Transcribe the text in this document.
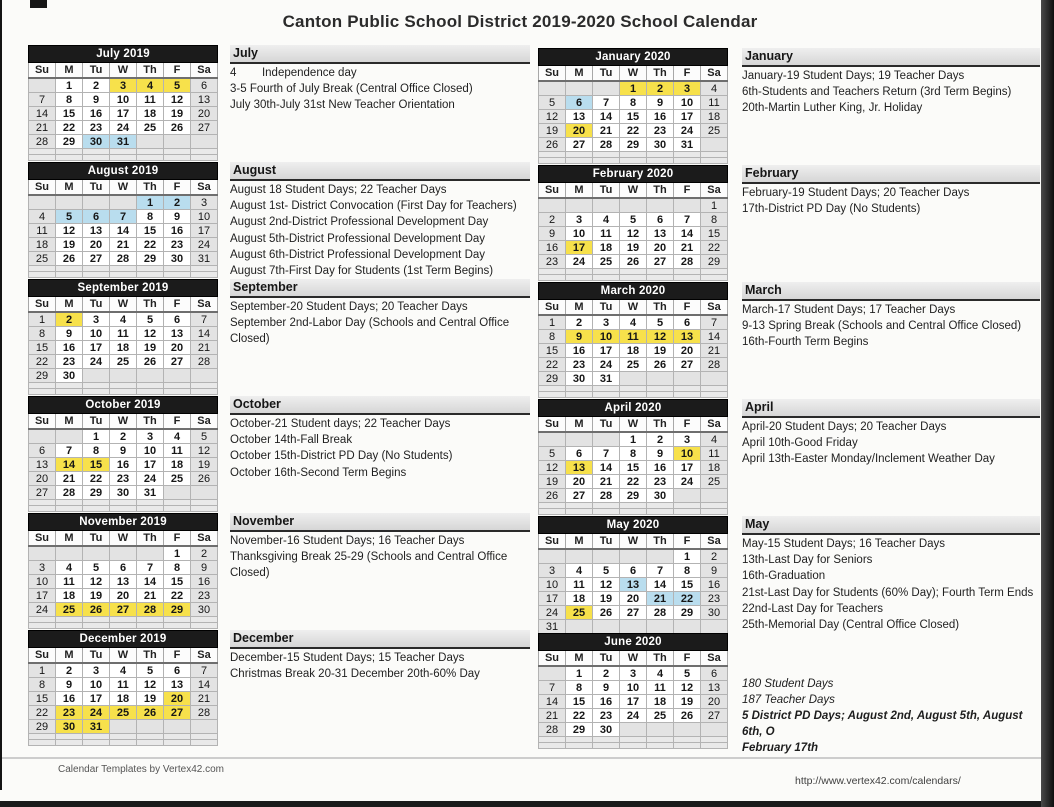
Canton Public School District 2019-2020 School Calendar
July 2019						
Su	M	Tu	W	Th	F	Sa
	1	2	3	4	5	6
7	8	9	10	11	12	13
14	15	16	17	18	19	20
21	22	23	24	25	26	27
28	29	30	31			

July

4        Independence day

3-5 Fourth of July Break (Central Office Closed)

July 30th-July 31st New Teacher Orientation

August 2019						
Su	M	Tu	W	Th	F	Sa
				1	2	3
4	5	6	7	8	9	10
11	12	13	14	15	16	17
18	19	20	21	22	23	24
25	26	27	28	29	30	31

August

August 18 Student Days; 22 Teacher Days

August 1st- District Convocation (First Day for Teachers)

August 2nd-District Professional Development Day

August 5th-District Professional Development Day

August 6th-District Professional Development Day

August 7th-First Day for Students (1st Term Begins)

September 2019						
Su	M	Tu	W	Th	F	Sa
1	2	3	4	5	6	7
8	9	10	11	12	13	14
15	16	17	18	19	20	21
22	23	24	25	26	27	28
29	30					

September

September-20 Student Days; 20 Teacher Days

September 2nd-Labor Day (Schools and Central Office Closed)

October 2019						
Su	M	Tu	W	Th	F	Sa
		1	2	3	4	5
6	7	8	9	10	11	12
13	14	15	16	17	18	19
20	21	22	23	24	25	26
27	28	29	30	31		

October

October-21 Student days; 22 Teacher Days

October 14th-Fall Break

October 15th-District PD Day (No Students)

October 16th-Second Term Begins

November 2019						
Su	M	Tu	W	Th	F	Sa
					1	2
3	4	5	6	7	8	9
10	11	12	13	14	15	16
17	18	19	20	21	22	23
24	25	26	27	28	29	30

November

November-16 Student Days; 16 Teacher Days

Thanksgiving Break 25-29 (Schools and Central Office Closed)

December 2019						
Su	M	Tu	W	Th	F	Sa
1	2	3	4	5	6	7
8	9	10	11	12	13	14
15	16	17	18	19	20	21
22	23	24	25	26	27	28
29	30	31				

December

December-15 Student Days; 15 Teacher Days

Christmas Break 20-31 December 20th-60% Day

January 2020						
Su	M	Tu	W	Th	F	Sa
			1	2	3	4
5	6	7	8	9	10	11
12	13	14	15	16	17	18
19	20	21	22	23	24	25
26	27	28	29	30	31	

January

January-19 Student Days; 19 Teacher Days

6th-Students and Teachers Return (3rd Term Begins)

20th-Martin Luther King, Jr. Holiday

February 2020						
Su	M	Tu	W	Th	F	Sa
						1
2	3	4	5	6	7	8
9	10	11	12	13	14	15
16	17	18	19	20	21	22
23	24	25	26	27	28	29

February

February-19 Student Days; 20 Teacher Days

17th-District PD Day (No Students)

March 2020						
Su	M	Tu	W	Th	F	Sa
1	2	3	4	5	6	7
8	9	10	11	12	13	14
15	16	17	18	19	20	21
22	23	24	25	26	27	28
29	30	31				

March

March-17 Student Days; 17 Teacher Days

9-13 Spring Break (Schools and Central Office Closed)

16th-Fourth Term Begins

April 2020						
Su	M	Tu	W	Th	F	Sa
			1	2	3	4
5	6	7	8	9	10	11
12	13	14	15	16	17	18
19	20	21	22	23	24	25
26	27	28	29	30		

April

April-20 Student Days; 20 Teacher Days

April 10th-Good Friday

April 13th-Easter Monday/Inclement Weather Day

May 2020						
Su	M	Tu	W	Th	F	Sa
					1	2
3	4	5	6	7	8	9
10	11	12	13	14	15	16
17	18	19	20	21	22	23
24	25	26	27	28	29	30
31						

May

May-15 Student Days; 16 Teacher Days

13th-Last Day for Seniors

16th-Graduation

21st-Last Day for Students (60% Day); Fourth Term Ends

22nd-Last Day for Teachers

25th-Memorial Day (Central Office Closed)

June 2020						
Su	M	Tu	W	Th	F	Sa
	1	2	3	4	5	6
7	8	9	10	11	12	13
14	15	16	17	18	19	20
21	22	23	24	25	26	27
28	29	30				

180 Student Days

187 Teacher Days

5 District PD Days; August 2nd, August 5th, August 6th, O

February 17th

Calendar Templates by Vertex42.com
http://www.vertex42.com/calendars/
